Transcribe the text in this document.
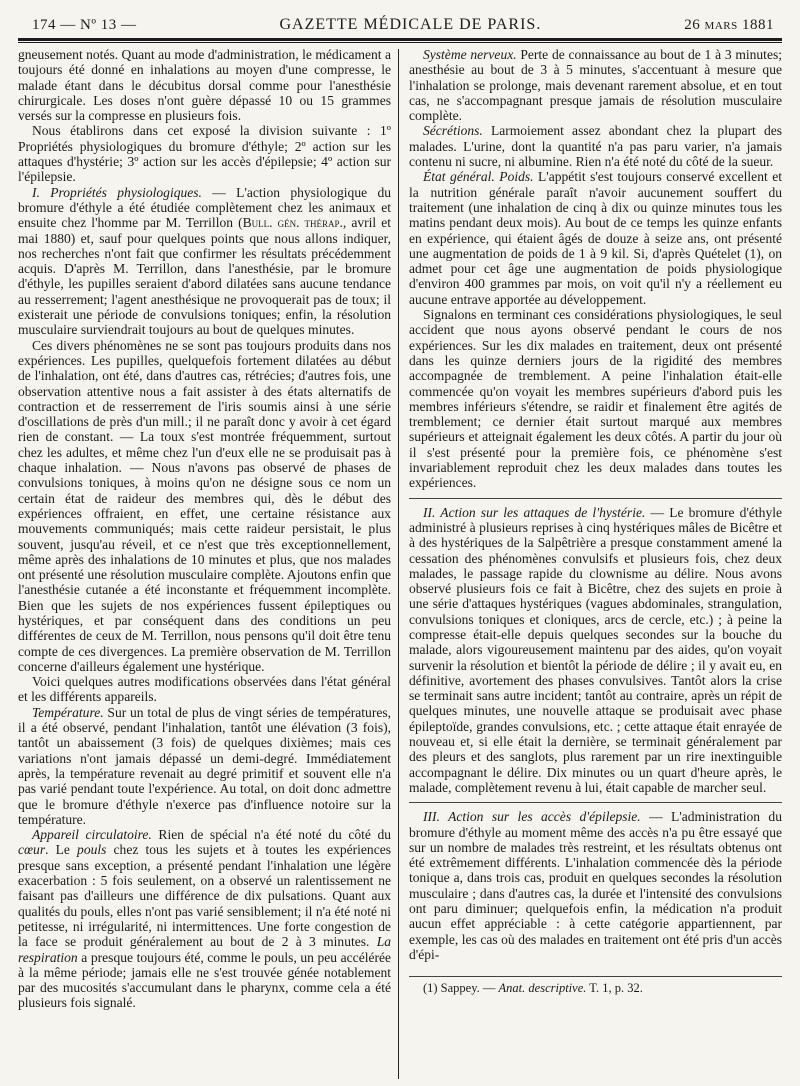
174 — Nº 13 —	GAZETTE MÉDICALE DE PARIS.	26 mars 1881

gneusement notés. Quant au mode d'administration, le médicament a toujours été donné en inhalations au moyen d'une compresse, le malade étant dans le décubitus dorsal comme pour l'anesthésie chirurgicale. Les doses n'ont guère dépassé 10 ou 15 grammes versés sur la compresse en plusieurs fois.

Nous établirons dans cet exposé la division suivante : 1º Propriétés physiologiques du bromure d'éthyle; 2º action sur les attaques d'hystérie; 3º action sur les accès d'épilepsie; 4º action sur l'épilepsie.

I. Propriétés physiologiques. — L'action physiologique du bromure d'éthyle a été étudiée complètement chez les animaux et ensuite chez l'homme par M. Terrillon (Bull. gén. thérap., avril et mai 1880) et, sauf pour quelques points que nous allons indiquer, nos recherches n'ont fait que confirmer les résultats précédemment acquis. D'après M. Terrillon, dans l'anesthésie, par le bromure d'éthyle, les pupilles seraient d'abord dilatées sans aucune tendance au resserrement; l'agent anesthésique ne provoquerait pas de toux; il existerait une période de convulsions toniques; enfin, la résolution musculaire surviendrait toujours au bout de quelques minutes.

Ces divers phénomènes ne se sont pas toujours produits dans nos expériences. Les pupilles, quelquefois fortement dilatées au début de l'inhalation, ont été, dans d'autres cas, rétrécies; d'autres fois, une observation attentive nous a fait assister à des états alternatifs de contraction et de resserrement de l'iris soumis ainsi à une série d'oscillations de près d'un mill.; il ne paraît donc y avoir à cet égard rien de constant. — La toux s'est montrée fréquemment, surtout chez les adultes, et même chez l'un d'eux elle ne se produisait pas à chaque inhalation. — Nous n'avons pas observé de phases de convulsions toniques, à moins qu'on ne désigne sous ce nom un certain état de raideur des membres qui, dès le début des expériences offraient, en effet, une certaine résistance aux mouvements communiqués; mais cette raideur persistait, le plus souvent, jusqu'au réveil, et ce n'est que très exceptionnellement, même après des inhalations de 10 minutes et plus, que nos malades ont présenté une résolution musculaire complète. Ajoutons enfin que l'anesthésie cutanée a été inconstante et fréquemment incomplète. Bien que les sujets de nos expériences fussent épileptiques ou hystériques, et par conséquent dans des conditions un peu différentes de ceux de M. Terrillon, nous pensons qu'il doit être tenu compte de ces divergences. La première observation de M. Terrillon concerne d'ailleurs également une hystérique.

Voici quelques autres modifications observées dans l'état général et les différents appareils.

Température. Sur un total de plus de vingt séries de températures, il a été observé, pendant l'inhalation, tantôt une élévation (3 fois), tantôt un abaissement (3 fois) de quelques dixièmes; mais ces variations n'ont jamais dépassé un demi-degré. Immédiatement après, la température revenait au degré primitif et souvent elle n'a pas varié pendant toute l'expérience. Au total, on doit donc admettre que le bromure d'éthyle n'exerce pas d'influence notoire sur la température.

Appareil circulatoire. Rien de spécial n'a été noté du côté du cœur. Le pouls chez tous les sujets et à toutes les expériences presque sans exception, a présenté pendant l'inhalation une légère exacerbation : 5 fois seulement, on a observé un ralentissement ne faisant pas d'ailleurs une différence de dix pulsations. Quant aux qualités du pouls, elles n'ont pas varié sensiblement; il n'a été noté ni petitesse, ni irrégularité, ni intermittences. Une forte congestion de la face se produit généralement au bout de 2 à 3 minutes. La respiration a presque toujours été, comme le pouls, un peu accélérée à la même période; jamais elle ne s'est trouvée génée notablement par des mucosités s'accumulant dans le pharynx, comme cela a été plusieurs fois signalé.

Système nerveux. Perte de connaissance au bout de 1 à 3 minutes; anesthésie au bout de 3 à 5 minutes, s'accentuant à mesure que l'inhalation se prolonge, mais devenant rarement absolue, et en tout cas, ne s'accompagnant presque jamais de résolution musculaire complète.

Sécrétions. Larmoiement assez abondant chez la plupart des malades. L'urine, dont la quantité n'a pas paru varier, n'a jamais contenu ni sucre, ni albumine. Rien n'a été noté du côté de la sueur.

État général. Poids. L'appétit s'est toujours conservé excellent et la nutrition générale paraît n'avoir aucunement souffert du traitement (une inhalation de cinq à dix ou quinze minutes tous les matins pendant deux mois). Au bout de ce temps les quinze enfants en expérience, qui étaient âgés de douze à seize ans, ont présenté une augmentation de poids de 1 à 9 kil. Si, d'après Quételet (1), on admet pour cet âge une augmentation de poids physiologique d'environ 400 grammes par mois, on voit qu'il n'y a réellement eu aucune entrave apportée au développement.

Signalons en terminant ces considérations physiologiques, le seul accident que nous ayons observé pendant le cours de nos expériences. Sur les dix malades en traitement, deux ont présenté dans les quinze derniers jours de la rigidité des membres accompagnée de tremblement. A peine l'inhalation était-elle commencée qu'on voyait les membres supérieurs d'abord puis les membres inférieurs s'étendre, se raidir et finalement être agités de tremblement; ce dernier était surtout marqué aux membres supérieurs et atteignait également les deux côtés. A partir du jour où il s'est présenté pour la première fois, ce phénomène s'est invariablement reproduit chez les deux malades dans toutes les expériences.

II. Action sur les attaques de l'hystérie. — Le bromure d'éthyle administré à plusieurs reprises à cinq hystériques mâles de Bicêtre et à des hystériques de la Salpêtrière a presque constamment amené la cessation des phénomènes convulsifs et plusieurs fois, chez deux malades, le passage rapide du clownisme au délire. Nous avons observé plusieurs fois ce fait à Bicêtre, chez des sujets en proie à une série d'attaques hystériques (vagues abdominales, strangulation, convulsions toniques et cloniques, arcs de cercle, etc.) ; à peine la compresse était-elle depuis quelques secondes sur la bouche du malade, alors vigoureusement maintenu par des aides, qu'on voyait survenir la résolution et bientôt la période de délire ; il y avait eu, en définitive, avortement des phases convulsives. Tantôt alors la crise se terminait sans autre incident; tantôt au contraire, après un répit de quelques minutes, une nouvelle attaque se produisait avec phase épileptoïde, grandes convulsions, etc. ; cette attaque était enrayée de nouveau et, si elle était la dernière, se terminait généralement par des pleurs et des sanglots, plus rarement par un rire inextinguible accompagnant le délire. Dix minutes ou un quart d'heure après, le malade, complètement revenu à lui, était capable de marcher seul.

III. Action sur les accès d'épilepsie. — L'administration du bromure d'éthyle au moment même des accès n'a pu être essayé que sur un nombre de malades très restreint, et les résultats obtenus ont été extrêmement différents. L'inhalation commencée dès la période tonique a, dans trois cas, produit en quelques secondes la résolution musculaire ; dans d'autres cas, la durée et l'intensité des convulsions ont paru diminuer; quelquefois enfin, la médication n'a produit aucun effet appréciable : à cette catégorie appartiennent, par exemple, les cas où des malades en traitement ont été pris d'un accès d'épi-

(1) Sappey. — Anat. descriptive. T. 1, p. 32.
